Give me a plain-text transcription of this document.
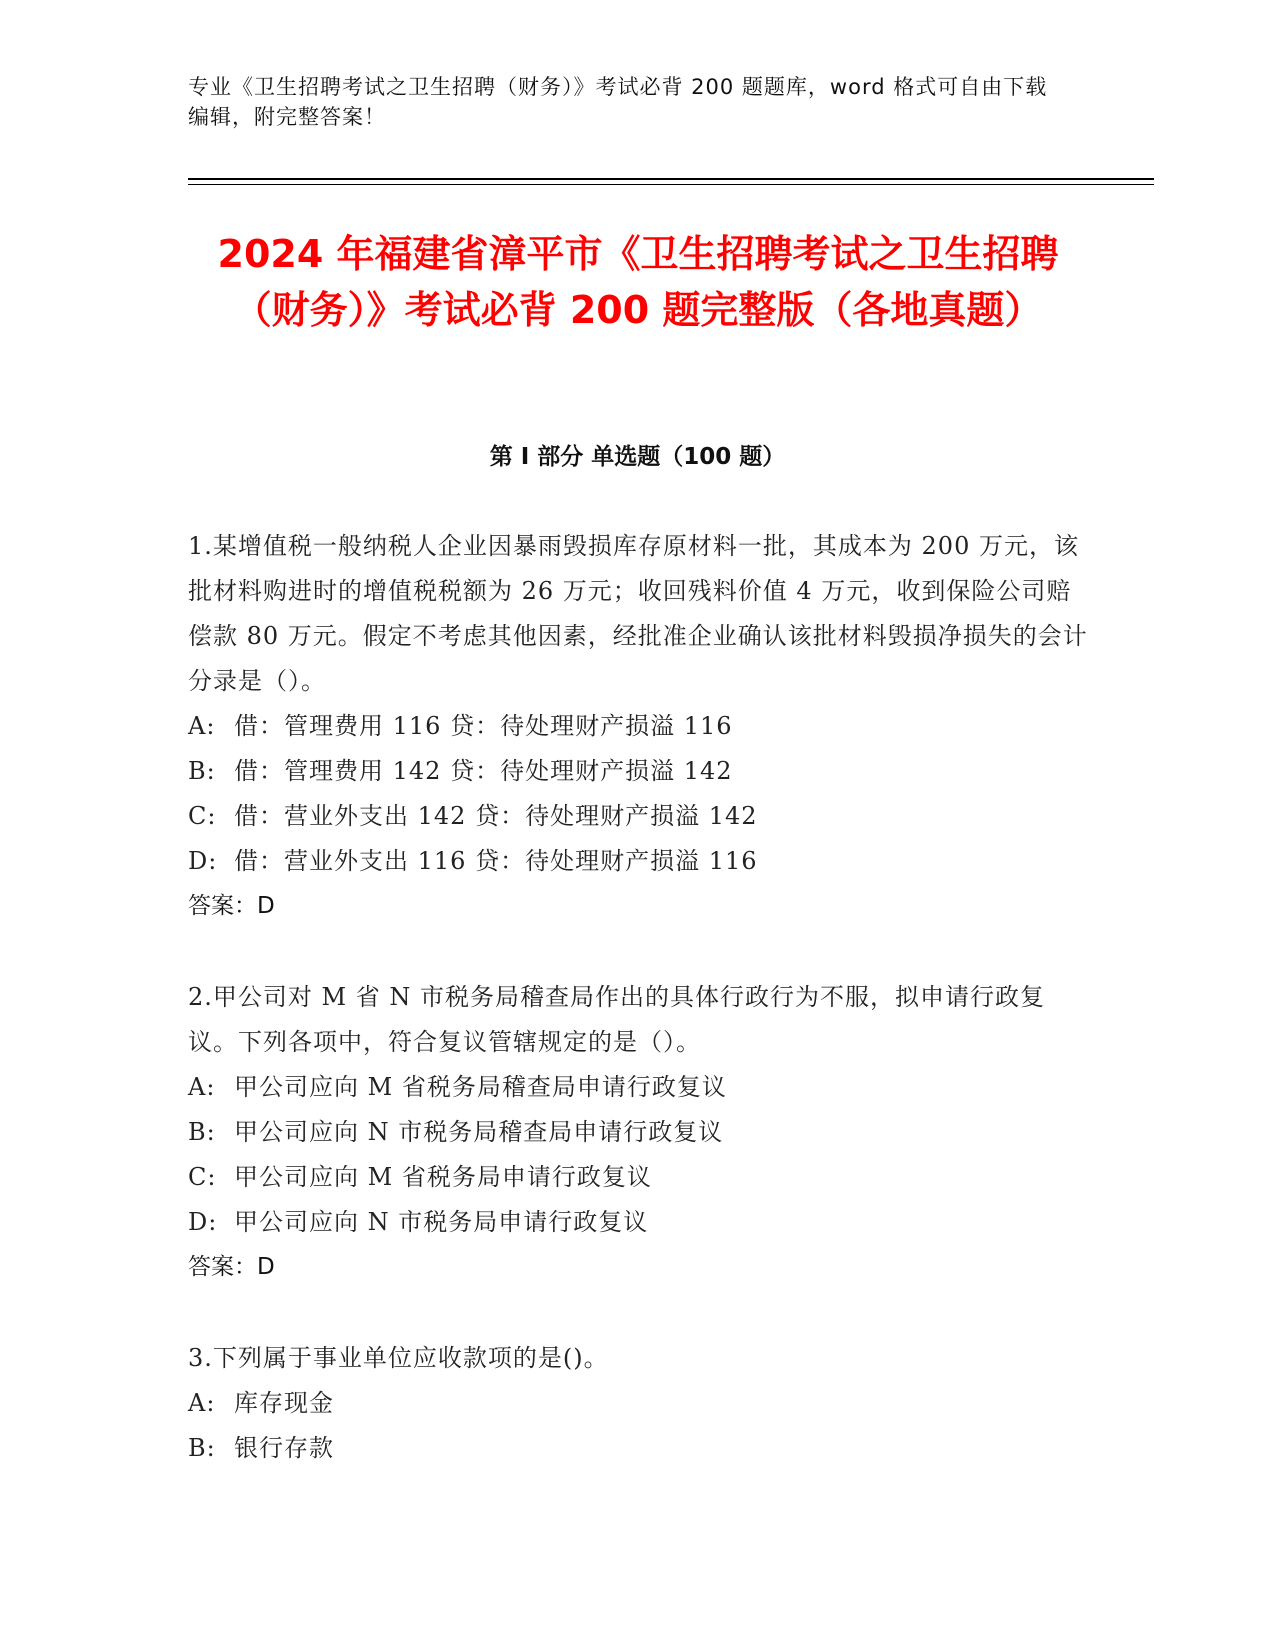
专业《卫生招聘考试之卫生招聘（财务）》考试必背 200 题题库，word 格式可自由下载编辑，附完整答案！
2024 年福建省漳平市《卫生招聘考试之卫生招聘（财务）》考试必背 200 题完整版（各地真题）
第 I 部分 单选题（100 题）

1.某增值税一般纳税人企业因暴雨毁损库存原材料一批，其成本为 200 万元，该批材料购进时的增值税税额为 26 万元；收回残料价值 4 万元，收到保险公司赔偿款 80 万元。假定不考虑其他因素，经批准企业确认该批材料毁损净损失的会计分录是（）。

A: 借：管理费用 116 贷：待处理财产损溢 116

B: 借：管理费用 142 贷：待处理财产损溢 142

C: 借：营业外支出 142 贷：待处理财产损溢 142

D: 借：营业外支出 116 贷：待处理财产损溢 116

答案：D

2.甲公司对 M 省 N 市税务局稽查局作出的具体行政行为不服，拟申请行政复议。下列各项中，符合复议管辖规定的是（）。

A: 甲公司应向 M 省税务局稽查局申请行政复议

B: 甲公司应向 N 市税务局稽查局申请行政复议

C: 甲公司应向 M 省税务局申请行政复议

D: 甲公司应向 N 市税务局申请行政复议

答案：D

3.下列属于事业单位应收款项的是()。

A: 库存现金

B: 银行存款
